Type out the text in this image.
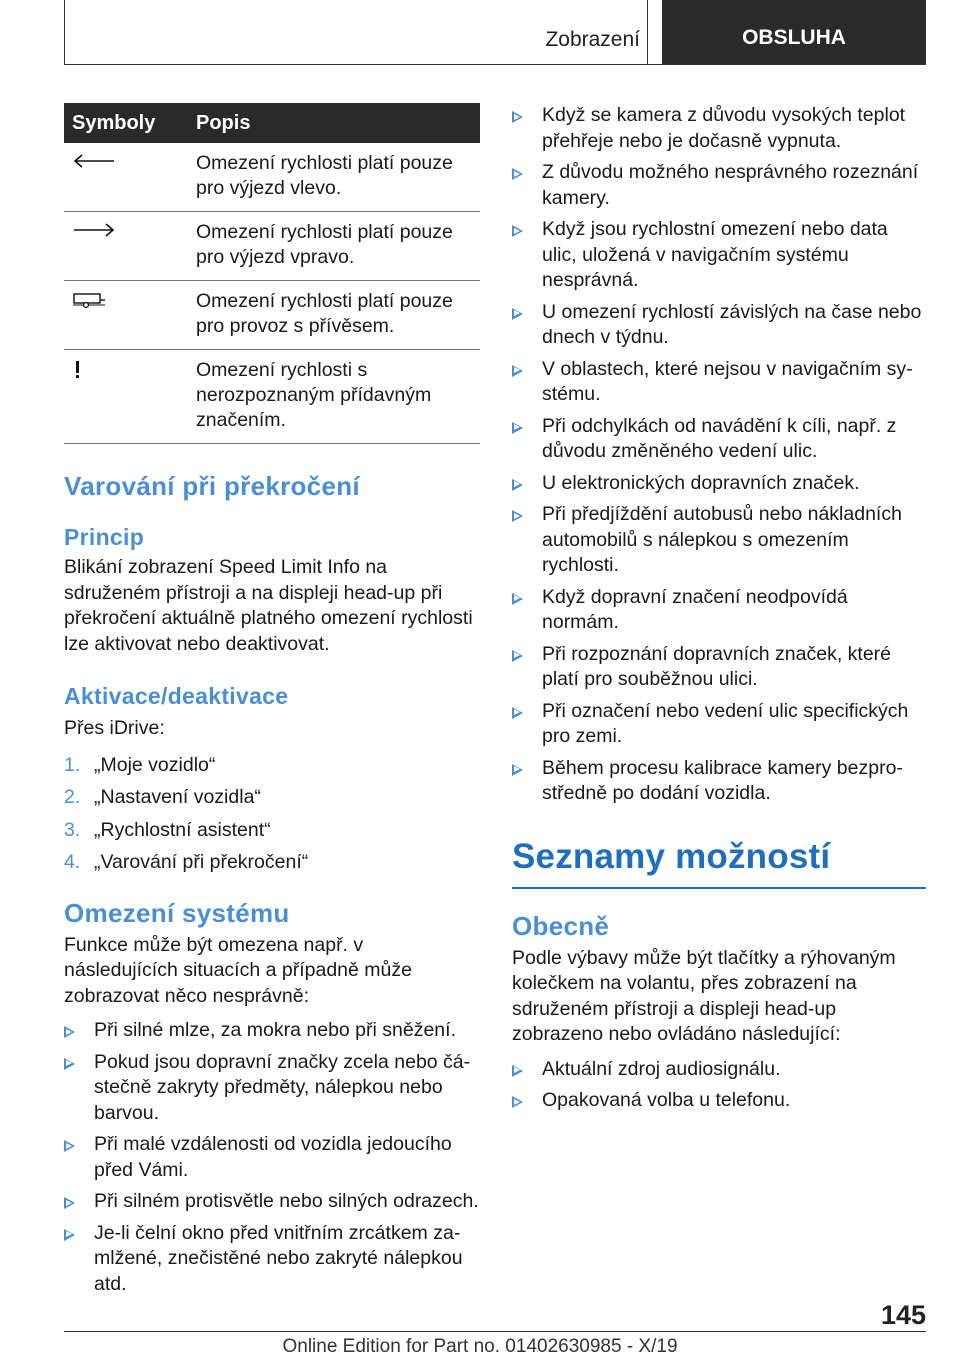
Zobrazení	OBSLUHA
Symboly	Popis

	Omezení rychlosti platí pouze pro výjezd vlevo.

	Omezení rychlosti platí pouze pro výjezd vpravo.

	Omezení rychlosti platí pouze pro provoz s přívěsem.

	Omezení rychlosti s nerozpoznaným přídavným značením.
Varování při překročení
Princip

Blikání zobrazení Speed Limit Info na sdruženém přístroji a na displeji head-up při překročení aktuálně platného omezení rychlosti lze aktivovat nebo deaktivovat.

Aktivace/deaktivace

Přes iDrive:

1. „Moje vozidlo“
2. „Nastavení vozidla“
3. „Rychlostní asistent“
4. „Varování při překročení“
Omezení systému

Funkce může být omezena např. v následujících situacích a případně může zobrazovat něco nesprávně:

Při silné mlze, za mokra nebo při sněžení.
Pokud jsou dopravní značky zcela nebo částečně zakryty předměty, nálepkou nebo barvou.
Při malé vzdálenosti od vozidla jedoucího před Vámi.
Při silném protisvětle nebo silných odrazech.
Je-li čelní okno před vnitřním zrcátkem zamlžené, znečistěné nebo zakryté nálepkou atd.
Když se kamera z důvodu vysokých teplot přehřeje nebo je dočasně vypnuta.
Z důvodu možného nesprávného rozeznání kamery.
Když jsou rychlostní omezení nebo data ulic, uložená v navigačním systému nesprávná.
U omezení rychlostí závislých na čase nebo dnech v týdnu.
V oblastech, které nejsou v navigačním systému.
Při odchylkách od navádění k cíli, např. z důvodu změněného vedení ulic.
U elektronických dopravních značek.
Při předjíždění autobusů nebo nákladních automobilů s nálepkou s omezením rychlosti.
Když dopravní značení neodpovídá normám.
Při rozpoznání dopravních značek, které platí pro souběžnou ulici.
Při označení nebo vedení ulic specifických pro zemi.
Během procesu kalibrace kamery bezprostředně po dodání vozidla.
Seznamy možností
Obecně

Podle výbavy může být tlačítky a rýhovaným kolečkem na volantu, přes zobrazení na sdruženém přístroji a displeji head-up zobrazeno nebo ovládáno následující:

Aktuální zdroj audiosignálu.
Opakovaná volba u telefonu.
145
Online Edition for Part no. 01402630985 - X/19
